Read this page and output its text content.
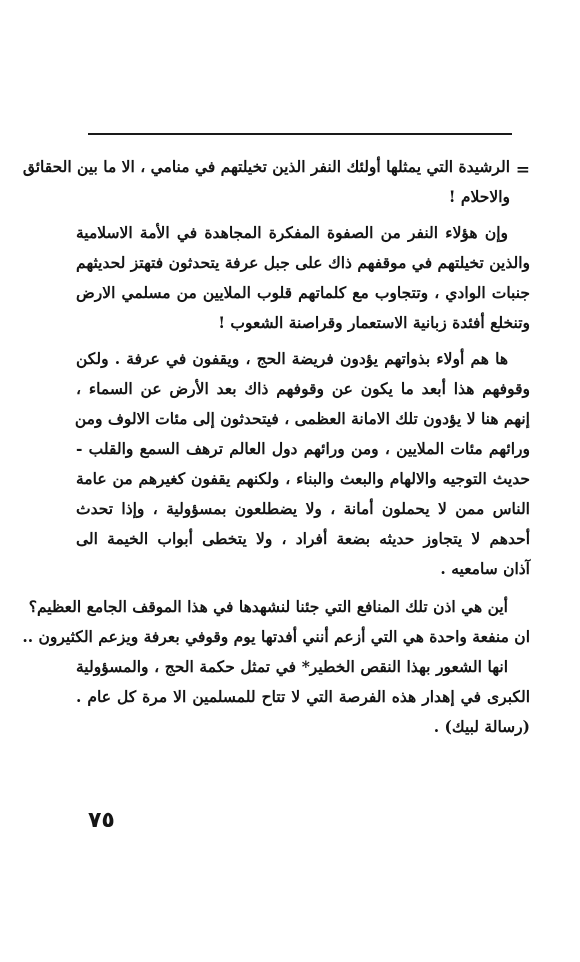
=
الرشيدة التي يمثلها أولئك النفر الذين تخيلتهم في منامي ، الا ما بين الحقائق
والاحلام !

وإن هؤلاء النفر من الصفوة المفكرة المجاهدة في الأمة الاسلامية
والذين تخيلتهم في موقفهم ذاك على جبل عرفة يتحدثون فتهتز لحديثهم
جنبات الوادي ، وتتجاوب مع كلماتهم قلوب الملايين من مسلمي الارض
وتنخلع أفئدة زبانية الاستعمار وقراصنة الشعوب !

ها هم أولاء بذواتهم يؤدون فريضة الحج ، ويقفون في عرفة . ولكن
وقوفهم هذا أبعد ما يكون عن وقوفهم ذاك بعد الأرض عن السماء ،
إنهم هنا لا يؤدون تلك الامانة العظمى ، فيتحدثون إلى مئات الالوف ومن
ورائهم مئات الملايين ، ومن ورائهم دول العالم ترهف السمع والقلب -
حديث التوجيه والالهام والبعث والبناء ، ولكنهم يقفون كغيرهم من عامة
الناس ممن لا يحملون أمانة ، ولا يضطلعون بمسؤولية ، وإذا تحدث
أحدهم لا يتجاوز حديثه بضعة أفراد ، ولا يتخطى أبواب الخيمة الى
آذان سامعيه .

أين هي اذن تلك المنافع التي جئنا لنشهدها في هذا الموقف الجامع العظيم؟
ان منفعة واحدة هي التي أزعم أنني أفدتها يوم وقوفي بعرفة ويزعم الكثيرون ..
انها الشعور بهذا النقص الخطير* في تمثل حكمة الحج ، والمسؤولية
الكبرى في إهدار هذه الفرصة التي لا تتاح للمسلمين الا مرة كل عام .
(رسالة لبيك) .

٧٥
